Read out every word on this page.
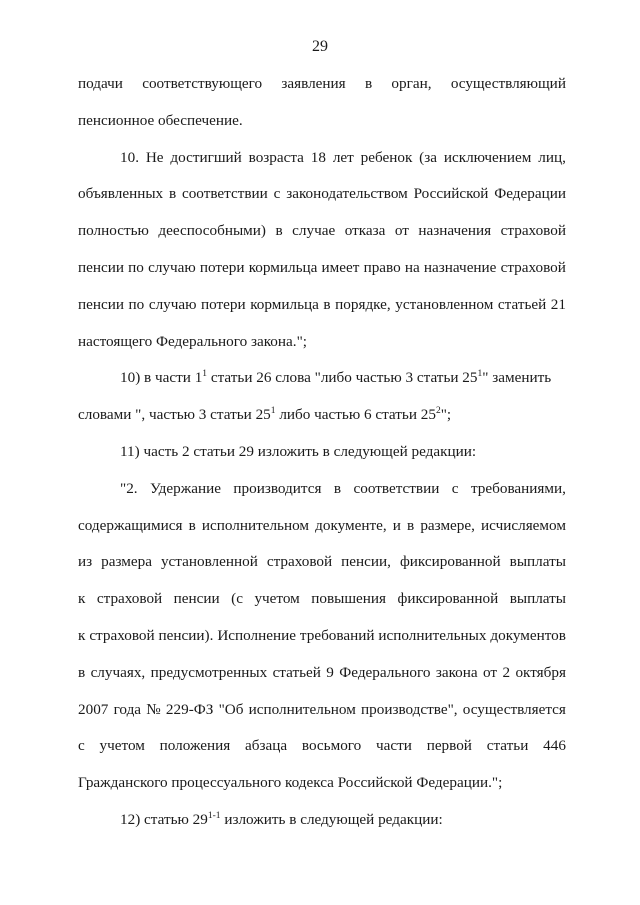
29
подачи соответствующего заявления в орган, осуществляющий
пенсионное обеспечение.
10. Не достигший возраста 18 лет ребенок (за исключением лиц,
объявленных в соответствии с законодательством Российской Федерации
полностью дееспособными) в случае отказа от назначения страховой
пенсии по случаю потери кормильца имеет право на назначение страховой
пенсии по случаю потери кормильца в порядке, установленном статьей 21
настоящего Федерального закона.";
10) в части $1^1$ статьи 26 слова "либо частью 3 статьи $25^1$" заменить
словами ", частью 3 статьи $25^1$ либо частью 6 статьи $25^2$";
11) часть 2 статьи 29 изложить в следующей редакции:
"2. Удержание производится в соответствии с требованиями,
содержащимися в исполнительном документе, и в размере, исчисляемом
из размера установленной страховой пенсии, фиксированной выплаты
к страховой пенсии (с учетом повышения фиксированной выплаты
к страховой пенсии). Исполнение требований исполнительных документов
в случаях, предусмотренных статьей 9 Федерального закона от 2 октября
2007 года № 229-ФЗ "Об исполнительном производстве", осуществляется
с учетом положения абзаца восьмого части первой статьи 446
Гражданского процессуального кодекса Российской Федерации.";
12) статью 29$^{1-1}$ изложить в следующей редакции:
